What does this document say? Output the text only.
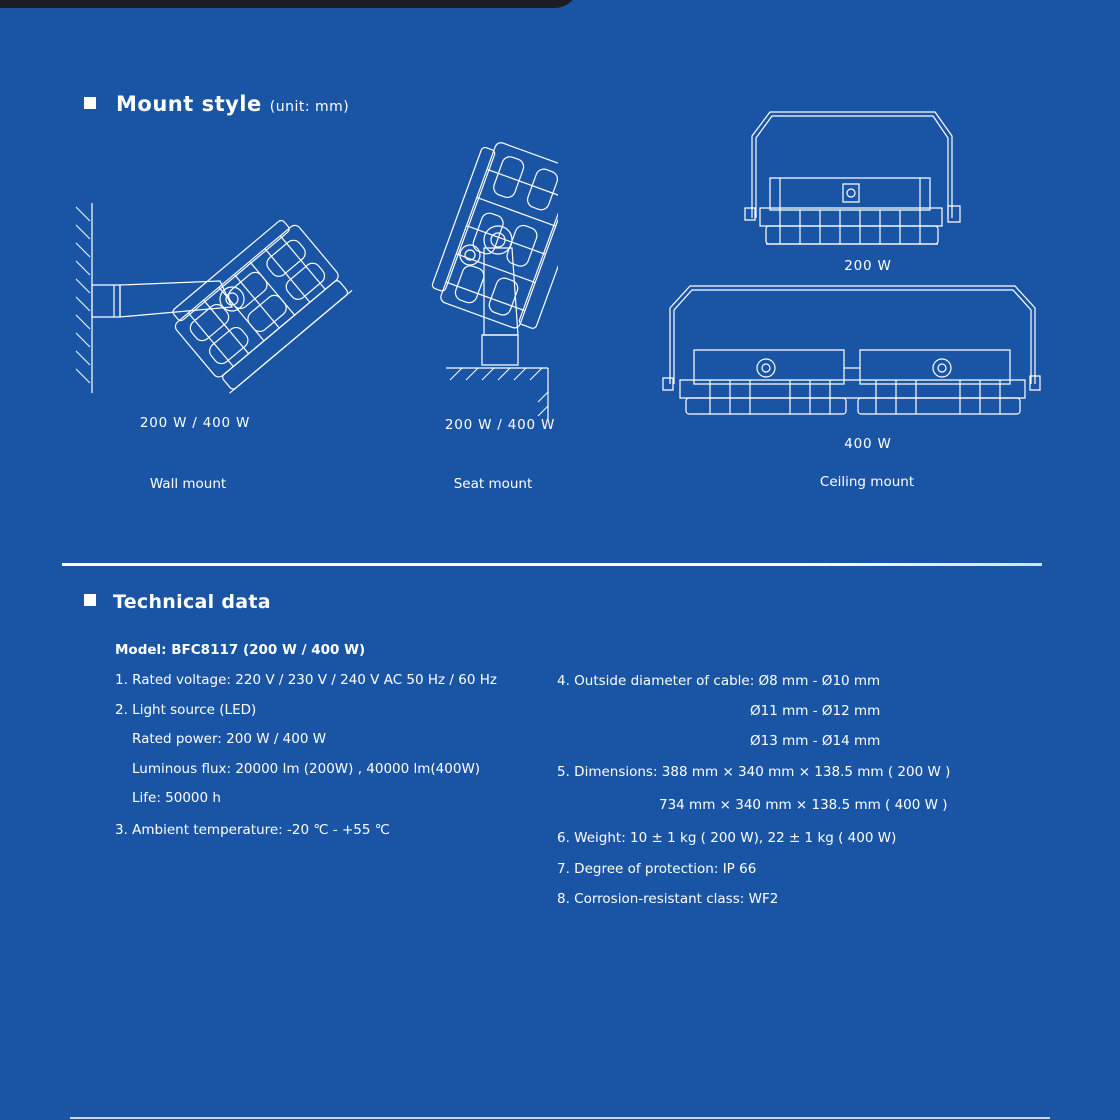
Mount style (unit: mm)
200 W / 400 W
Wall mount
200 W / 400 W
Seat mount
200 W
400 W
Ceiling mount
Technical data
Model: BFC8117 (200 W / 400 W)
1. Rated voltage: 220 V / 230 V / 240 V AC 50 Hz / 60 Hz
2. Light source (LED)
Rated power: 200 W / 400 W
Luminous flux: 20000 lm (200W) , 40000 lm(400W)
Life: 50000 h
3. Ambient temperature: -20 ℃ - +55 ℃
4. Outside diameter of cable: Ø8 mm - Ø10 mm
Ø11 mm - Ø12 mm
Ø13 mm - Ø14 mm
5. Dimensions: 388 mm × 340 mm × 138.5 mm ( 200 W )
734 mm × 340 mm × 138.5 mm ( 400 W )
6. Weight: 10 ± 1 kg ( 200 W), 22 ± 1 kg ( 400 W)
7. Degree of protection: IP 66
8. Corrosion-resistant class: WF2
